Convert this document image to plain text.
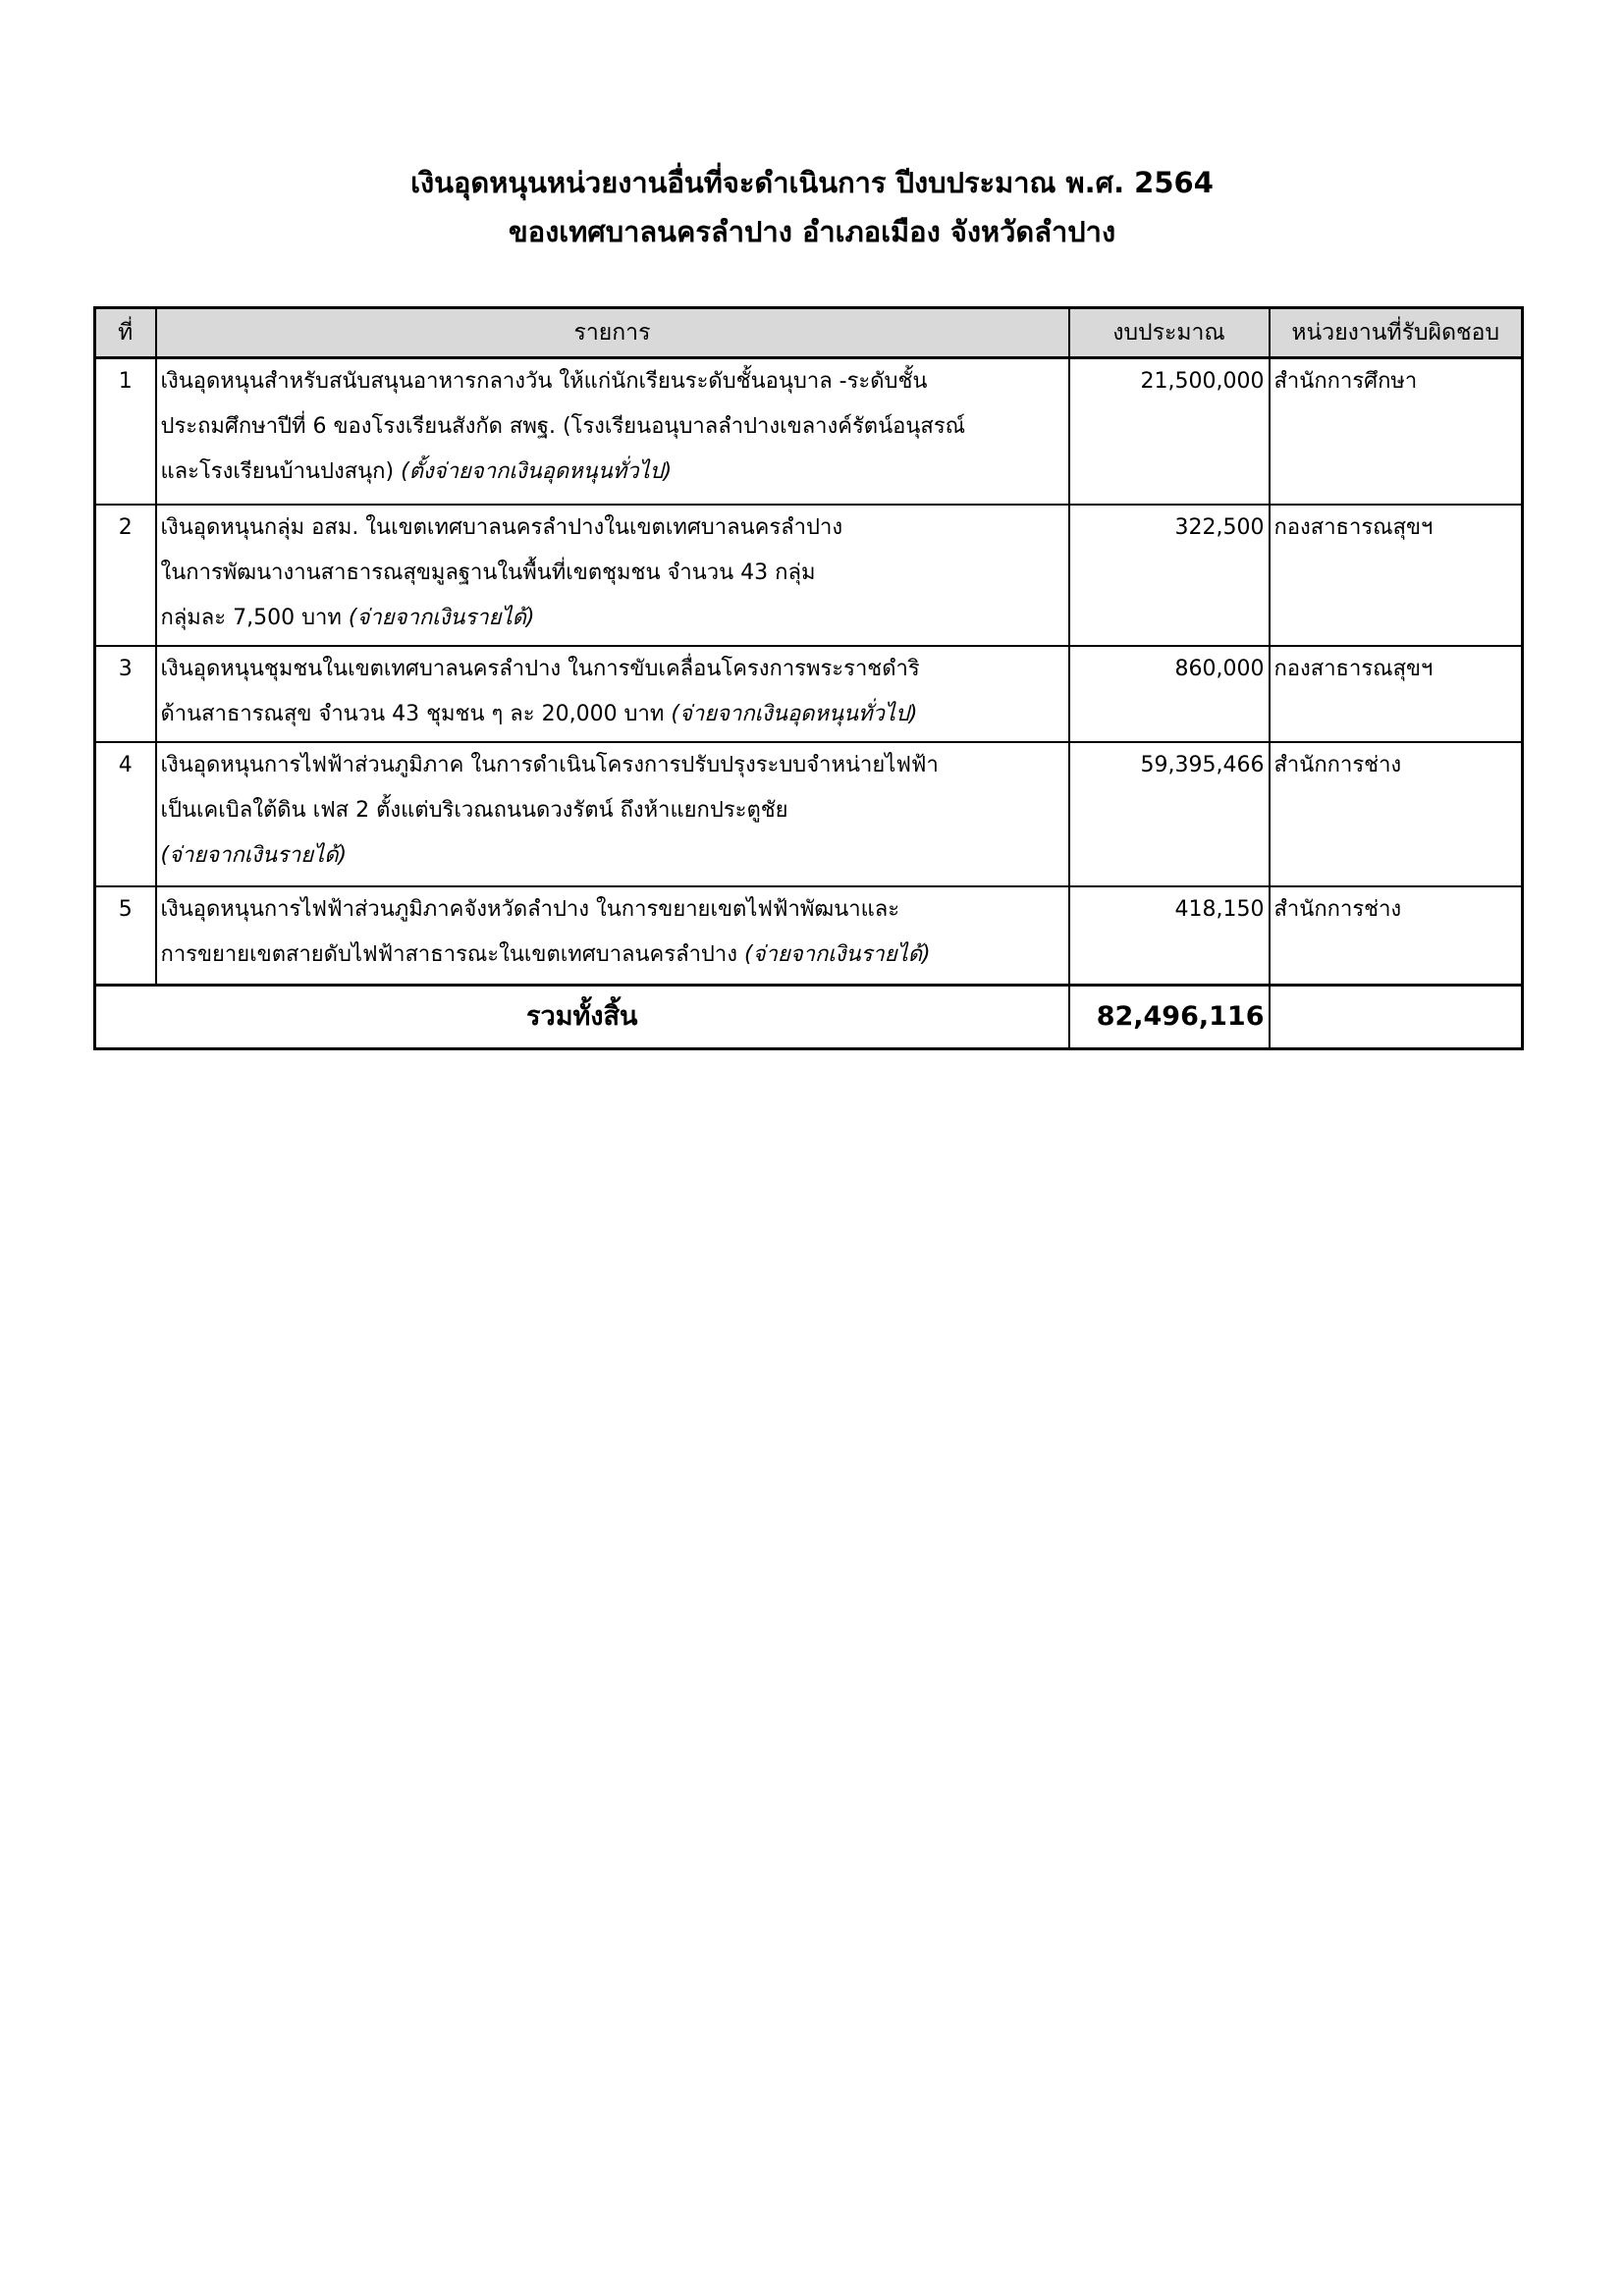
เงินอุดหนุนหน่วยงานอื่นที่จะดำเนินการ ปีงบประมาณ พ.ศ. 2564
ของเทศบาลนครลำปาง อำเภอเมือง จังหวัดลำปาง
ที่	รายการ	งบประมาณ	หน่วยงานที่รับผิดชอบ
1	เงินอุดหนุนสำหรับสนับสนุนอาหารกลางวัน ให้แก่นักเรียนระดับชั้นอนุบาล -ระดับชั้น
ประถมศึกษาปีที่ 6 ของโรงเรียนสังกัด สพฐ. (โรงเรียนอนุบาลลำปางเขลางค์รัตน์อนุสรณ์
และโรงเรียนบ้านปงสนุก) (ตั้งจ่ายจากเงินอุดหนุนทั่วไป)	21,500,000	สำนักการศึกษา
2	เงินอุดหนุนกลุ่ม อสม. ในเขตเทศบาลนครลำปางในเขตเทศบาลนครลำปาง
ในการพัฒนางานสาธารณสุขมูลฐานในพื้นที่เขตชุมชน จำนวน 43 กลุ่ม
กลุ่มละ 7,500 บาท (จ่ายจากเงินรายได้)	322,500	กองสาธารณสุขฯ
3	เงินอุดหนุนชุมชนในเขตเทศบาลนครลำปาง ในการขับเคลื่อนโครงการพระราชดำริ
ด้านสาธารณสุข จำนวน 43 ชุมชน ๆ ละ 20,000 บาท (จ่ายจากเงินอุดหนุนทั่วไป)	860,000	กองสาธารณสุขฯ
4	เงินอุดหนุนการไฟฟ้าส่วนภูมิภาค ในการดำเนินโครงการปรับปรุงระบบจำหน่ายไฟฟ้า
เป็นเคเบิลใต้ดิน เฟส 2 ตั้งแต่บริเวณถนนดวงรัตน์ ถึงห้าแยกประตูชัย
(จ่ายจากเงินรายได้)	59,395,466	สำนักการช่าง
5	เงินอุดหนุนการไฟฟ้าส่วนภูมิภาคจังหวัดลำปาง ในการขยายเขตไฟฟ้าพัฒนาและ
การขยายเขตสายดับไฟฟ้าสาธารณะในเขตเทศบาลนครลำปาง (จ่ายจากเงินรายได้)	418,150	สำนักการช่าง
รวมทั้งสิ้น		82,496,116	
